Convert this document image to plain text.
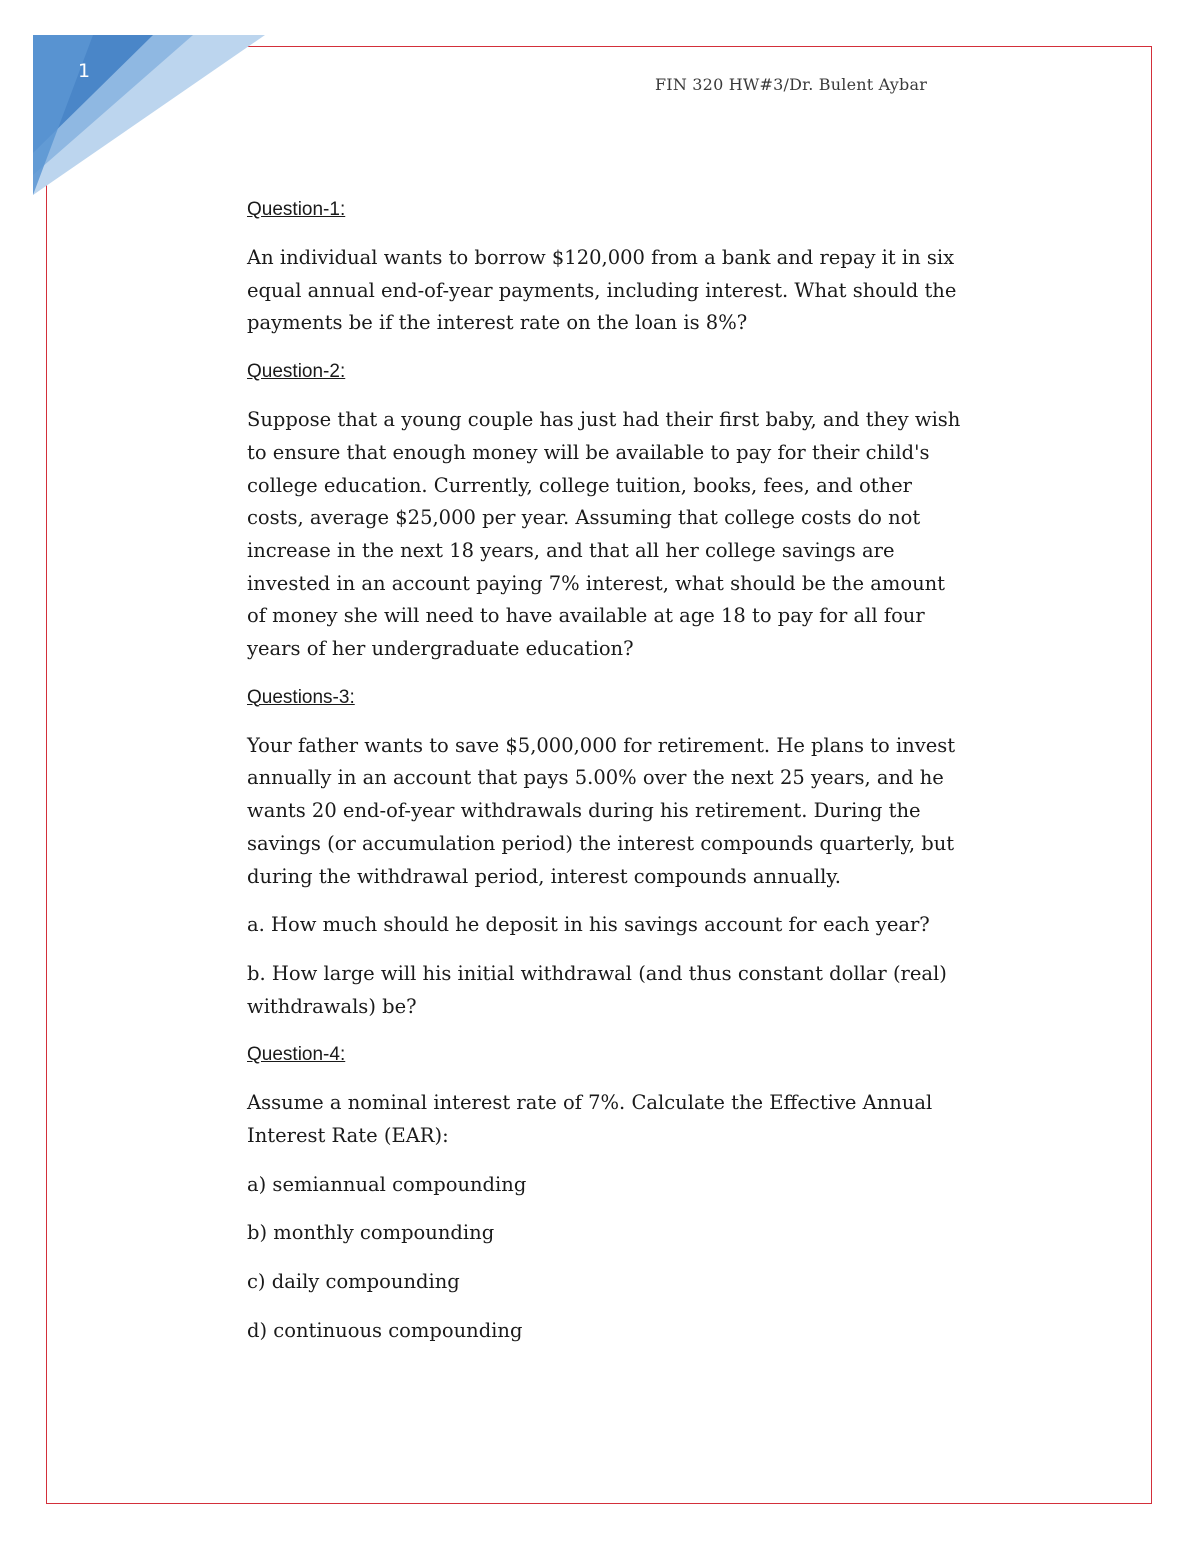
1
FIN 320 HW#3/Dr. Bulent Aybar
Question-1:
An individual wants to borrow $120,000 from a bank and repay it in six equal annual end-of-year payments, including interest. What should the payments be if the interest rate on the loan is 8%?
Question-2:
Suppose that a young couple has just had their first baby, and they wish to ensure that enough money will be available to pay for their child's college education. Currently, college tuition, books, fees, and other costs, average $25,000 per year. Assuming that college costs do not increase in the next 18 years, and that all her college savings are invested in an account paying 7% interest, what should be the amount of money she will need to have available at age 18 to pay for all four years of her undergraduate education?
Questions-3:
Your father wants to save $5,000,000 for retirement. He plans to invest annually in an account that pays 5.00% over the next 25 years, and he wants 20 end-of-year withdrawals during his retirement. During the savings (or accumulation period) the interest compounds quarterly, but during the withdrawal period, interest compounds annually.
a. How much should he deposit in his savings account for each year?
b. How large will his initial withdrawal (and thus constant dollar (real) withdrawals) be?
Question-4:
Assume a nominal interest rate of 7%. Calculate the Effective Annual Interest Rate (EAR):
a) semiannual compounding
b) monthly compounding
c) daily compounding
d) continuous compounding
